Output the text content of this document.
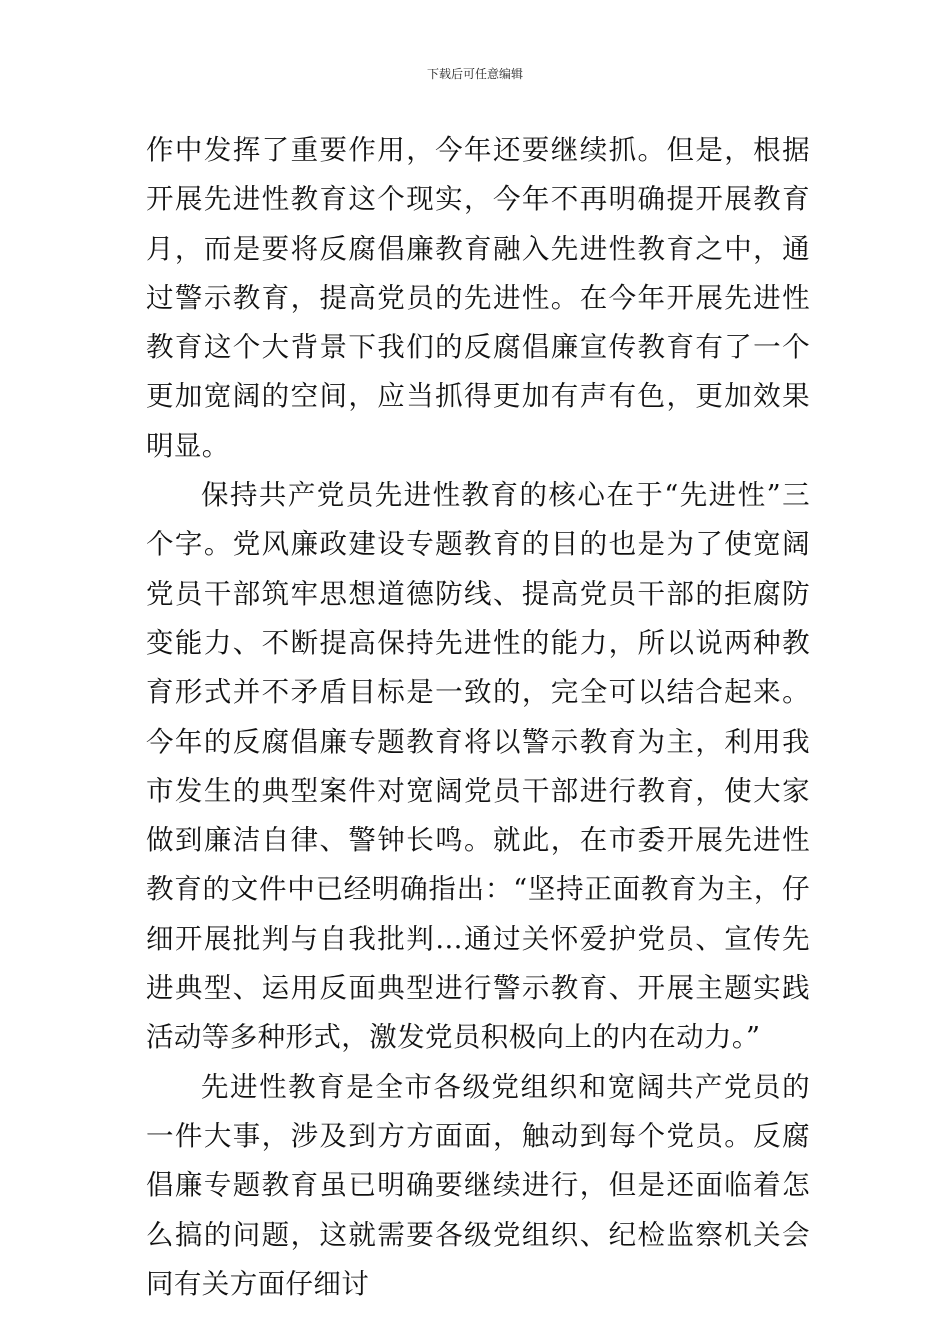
下载后可任意编辑

作中发挥了重要作用，今年还要继续抓。但是，根据开展先进性教育这个现实，今年不再明确提开展教育月，而是要将反腐倡廉教育融入先进性教育之中，通过警示教育，提高党员的先进性。在今年开展先进性教育这个大背景下我们的反腐倡廉宣传教育有了一个更加宽阔的空间，应当抓得更加有声有色，更加效果明显。

保持共产党员先进性教育的核心在于“先进性”三个字。党风廉政建设专题教育的目的也是为了使宽阔党员干部筑牢思想道德防线、提高党员干部的拒腐防变能力、不断提高保持先进性的能力，所以说两种教育形式并不矛盾目标是一致的，完全可以结合起来。今年的反腐倡廉专题教育将以警示教育为主，利用我市发生的典型案件对宽阔党员干部进行教育，使大家做到廉洁自律、警钟长鸣。就此，在市委开展先进性教育的文件中已经明确指出：“坚持正面教育为主，仔细开展批判与自我批判…通过关怀爱护党员、宣传先进典型、运用反面典型进行警示教育、开展主题实践活动等多种形式，激发党员积极向上的内在动力。”

先进性教育是全市各级党组织和宽阔共产党员的一件大事，涉及到方方面面，触动到每个党员。反腐倡廉专题教育虽已明确要继续进行，但是还面临着怎么搞的问题，这就需要各级党组织、纪检监察机关会同有关方面仔细讨
